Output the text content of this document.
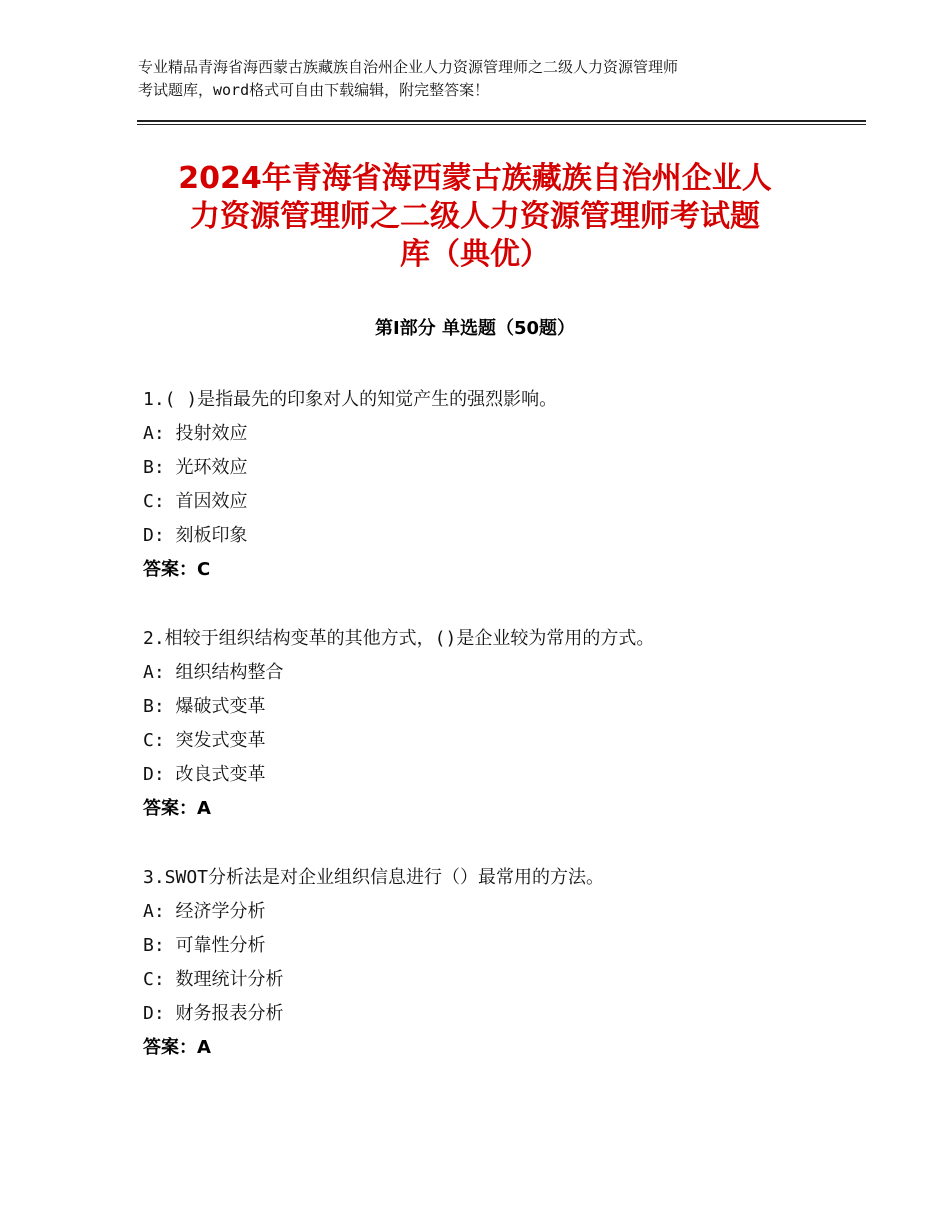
专业精品青海省海西蒙古族藏族自治州企业人力资源管理师之二级人力资源管理师
考试题库，word格式可自由下载编辑，附完整答案！
2024年青海省海西蒙古族藏族自治州企业人
力资源管理师之二级人力资源管理师考试题
库（典优）
第Ⅰ部分 单选题（50题）
1.( )是指最先的印象对人的知觉产生的强烈影响。
A: 投射效应
B: 光环效应
C: 首因效应
D: 刻板印象
答案：C
2.相较于组织结构变革的其他方式，()是企业较为常用的方式。
A: 组织结构整合
B: 爆破式变革
C: 突发式变革
D: 改良式变革
答案：A
3.SWOT分析法是对企业组织信息进行（）最常用的方法。
A: 经济学分析
B: 可靠性分析
C: 数理统计分析
D: 财务报表分析
答案：A
